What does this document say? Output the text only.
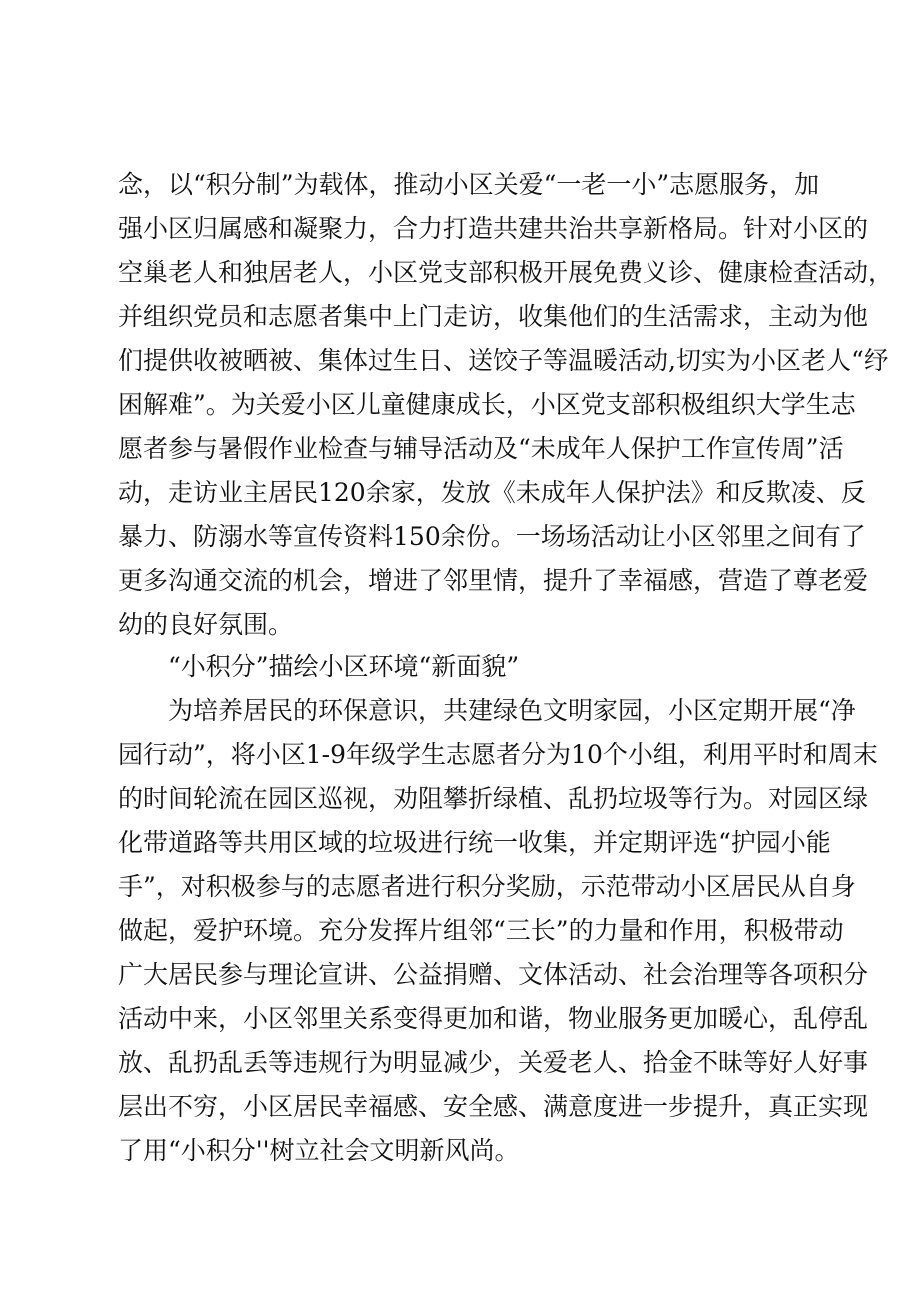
念，以“积分制”为载体，推动小区关爱“一老一小”志愿服务，加
强小区归属感和凝聚力，合力打造共建共治共享新格局。针对小区的
空巢老人和独居老人，小区党支部积极开展免费义诊、健康检查活动，
并组织党员和志愿者集中上门走访，收集他们的生活需求，主动为他
们提供收被晒被、集体过生日、送饺子等温暖活动,切实为小区老人“纾
困解难”。为关爱小区儿童健康成长，小区党支部积极组织大学生志
愿者参与暑假作业检查与辅导活动及“未成年人保护工作宣传周”活
动，走访业主居民120余家，发放《未成年人保护法》和反欺凌、反
暴力、防溺水等宣传资料150余份。一场场活动让小区邻里之间有了
更多沟通交流的机会，增进了邻里情，提升了幸福感，营造了尊老爱
幼的良好氛围。
“小积分”描绘小区环境“新面貌”
为培养居民的环保意识，共建绿色文明家园，小区定期开展“净
园行动”，将小区1-9年级学生志愿者分为10个小组，利用平时和周末
的时间轮流在园区巡视，劝阻攀折绿植、乱扔垃圾等行为。对园区绿
化带道路等共用区域的垃圾进行统一收集，并定期评选“护园小能
手”，对积极参与的志愿者进行积分奖励，示范带动小区居民从自身
做起，爱护环境。充分发挥片组邻“三长”的力量和作用，积极带动
广大居民参与理论宣讲、公益捐赠、文体活动、社会治理等各项积分
活动中来，小区邻里关系变得更加和谐，物业服务更加暖心，乱停乱
放、乱扔乱丢等违规行为明显减少，关爱老人、拾金不昧等好人好事
层出不穷，小区居民幸福感、安全感、满意度进一步提升，真正实现
了用“小积分''树立社会文明新风尚。
